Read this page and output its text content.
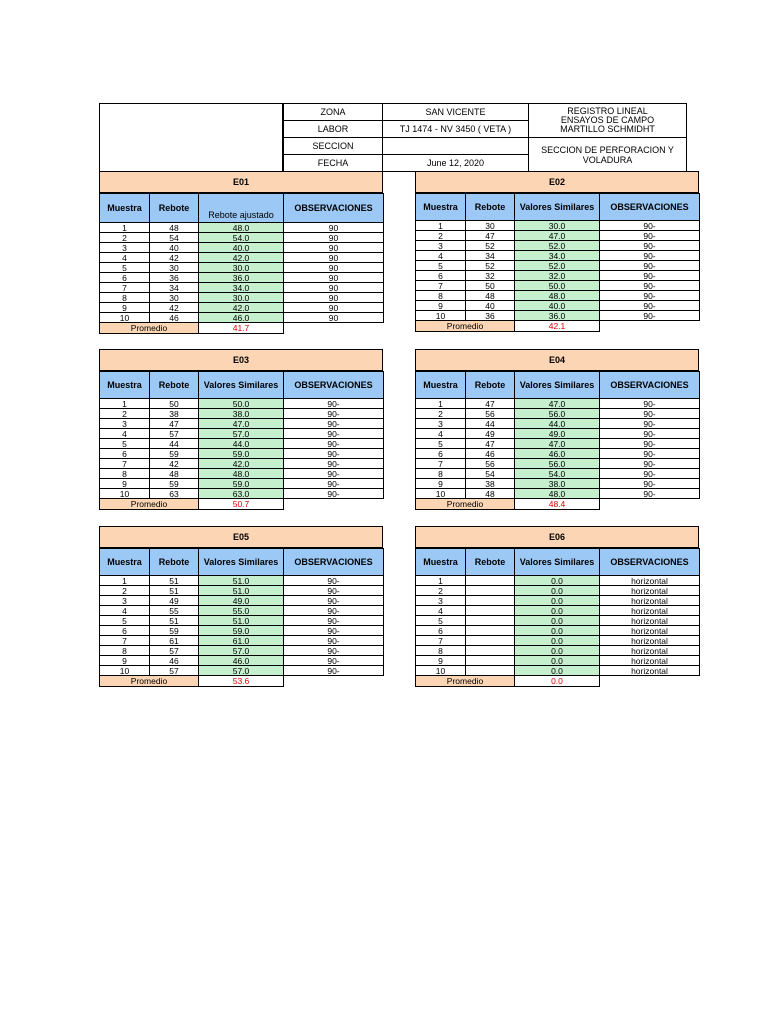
ZONA	SAN VICENTE
LABOR	TJ 1474 - NV 3450 ( VETA )
SECCION
FECHA	June 12, 2020
REGISTRO LINEAL
ENSAYOS DE CAMPO
MARTILLO SCHMIDHT
SECCION DE PERFORACION Y
VOLADURA
E01
Muestra	Rebote	Rebote ajustado	OBSERVACIONES
1	48	48.0	90
2	54	54.0	90
3	40	40.0	90
4	42	42.0	90
5	30	30.0	90
6	36	36.0	90
7	34	34.0	90
8	30	30.0	90
9	42	42.0	90
10	46	46.0	90
Promedio		41.7	
E02
Muestra	Rebote	Valores Similares	OBSERVACIONES
1	30	30.0	90-
2	47	47.0	90-
3	52	52.0	90-
4	34	34.0	90-
5	52	52.0	90-
6	32	32.0	90-
7	50	50.0	90-
8	48	48.0	90-
9	40	40.0	90-
10	36	36.0	90-
Promedio		42.1	
E03
Muestra	Rebote	Valores Similares	OBSERVACIONES
1	50	50.0	90-
2	38	38.0	90-
3	47	47.0	90-
4	57	57.0	90-
5	44	44.0	90-
6	59	59.0	90-
7	42	42.0	90-
8	48	48.0	90-
9	59	59.0	90-
10	63	63.0	90-
Promedio		50.7	
E04
Muestra	Rebote	Valores Similares	OBSERVACIONES
1	47	47.0	90-
2	56	56.0	90-
3	44	44.0	90-
4	49	49.0	90-
5	47	47.0	90-
6	46	46.0	90-
7	56	56.0	90-
8	54	54.0	90-
9	38	38.0	90-
10	48	48.0	90-
Promedio		48.4	
E05
Muestra	Rebote	Valores Similares	OBSERVACIONES
1	51	51.0	90-
2	51	51.0	90-
3	49	49.0	90-
4	55	55.0	90-
5	51	51.0	90-
6	59	59.0	90-
7	61	61.0	90-
8	57	57.0	90-
9	46	46.0	90-
10	57	57.0	90-
Promedio		53.6	
E06
Muestra	Rebote	Valores Similares	OBSERVACIONES
1		0.0	horizontal
2		0.0	horizontal
3		0.0	horizontal
4		0.0	horizontal
5		0.0	horizontal
6		0.0	horizontal
7		0.0	horizontal
8		0.0	horizontal
9		0.0	horizontal
10		0.0	horizontal
Promedio		0.0	
